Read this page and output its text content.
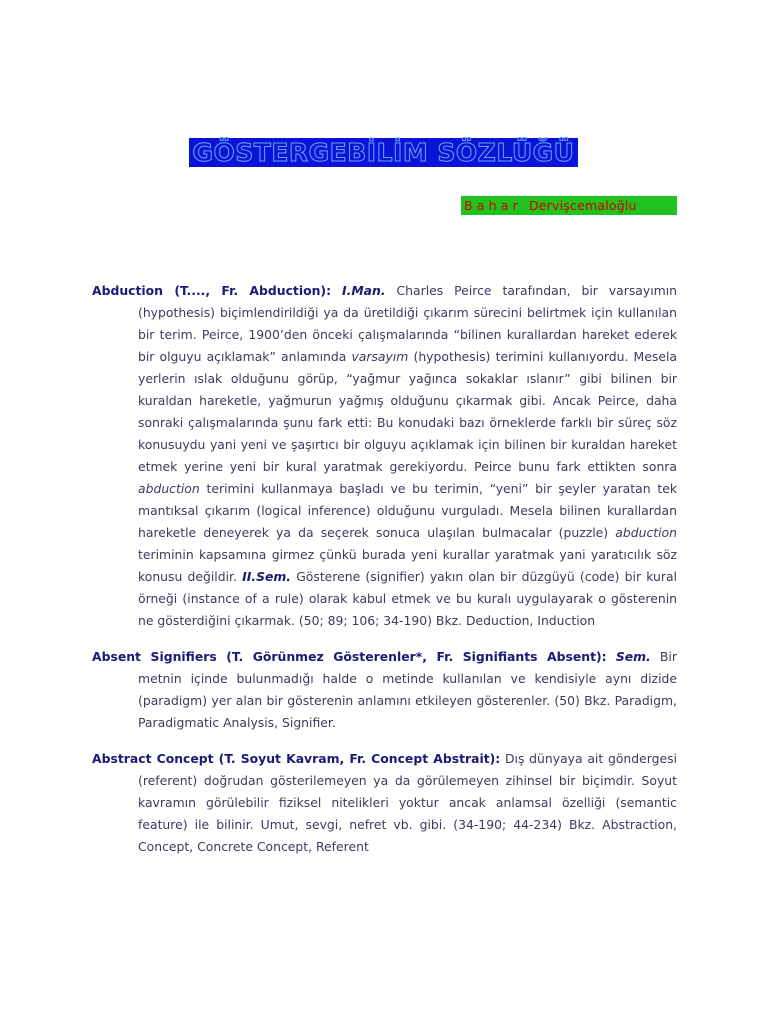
GÖSTERGEBİLİM SÖZLÜĞÜ
Bahar Dervişcemaloğlu

Abduction (T...., Fr. Abduction): I.Man. Charles Peirce tarafından, bir varsayımın (hypothesis) biçimlendirildiği ya da üretildiği çıkarım sürecini belirtmek için kullanılan bir terim. Peirce, 1900’den önceki çalışmalarında “bilinen kurallardan hareket ederek bir olguyu açıklamak” anlamında varsayım (hypothesis) terimini kullanıyordu. Mesela yerlerin ıslak olduğunu görüp, “yağmur yağınca sokaklar ıslanır” gibi bilinen bir kuraldan hareketle, yağmurun yağmış olduğunu çıkarmak gibi. Ancak Peirce, daha sonraki çalışmalarında şunu fark etti: Bu konudaki bazı örneklerde farklı bir süreç söz konusuydu yani yeni ve şaşırtıcı bir olguyu açıklamak için bilinen bir kuraldan hareket etmek yerine yeni bir kural yaratmak gerekiyordu. Peirce bunu fark ettikten sonra abduction terimini kullanmaya başladı ve bu terimin, “yeni” bir şeyler yaratan tek mantıksal çıkarım (logical inference) olduğunu vurguladı. Mesela bilinen kurallardan hareketle deneyerek ya da seçerek sonuca ulaşılan bulmacalar (puzzle) abduction teriminin kapsamına girmez çünkü burada yeni kurallar yaratmak yani yaratıcılık söz konusu değildir. II.Sem. Gösterene (signifier) yakın olan bir düzgüyü (code) bir kural örneği (instance of a rule) olarak kabul etmek ve bu kuralı uygulayarak o gösterenin ne gösterdiğini çıkarmak. (50; 89; 106; 34-190) Bkz. Deduction, Induction

Absent Signifiers (T. Görünmez Gösterenler*, Fr. Signifiants Absent): Sem. Bir metnin içinde bulunmadığı halde o metinde kullanılan ve kendisiyle aynı dizide (paradigm) yer alan bir gösterenin anlamını etkileyen gösterenler. (50) Bkz. Paradigm, Paradigmatic Analysis, Signifier.

Abstract Concept (T. Soyut Kavram, Fr. Concept Abstrait): Dış dünyaya ait göndergesi (referent) doğrudan gösterilemeyen ya da görülemeyen zihinsel bir biçimdir. Soyut kavramın görülebilir fiziksel nitelikleri yoktur ancak anlamsal özelliği (semantic feature) ile bilinir. Umut, sevgi, nefret vb. gibi. (34-190; 44-234) Bkz. Abstraction, Concept, Concrete Concept, Referent
